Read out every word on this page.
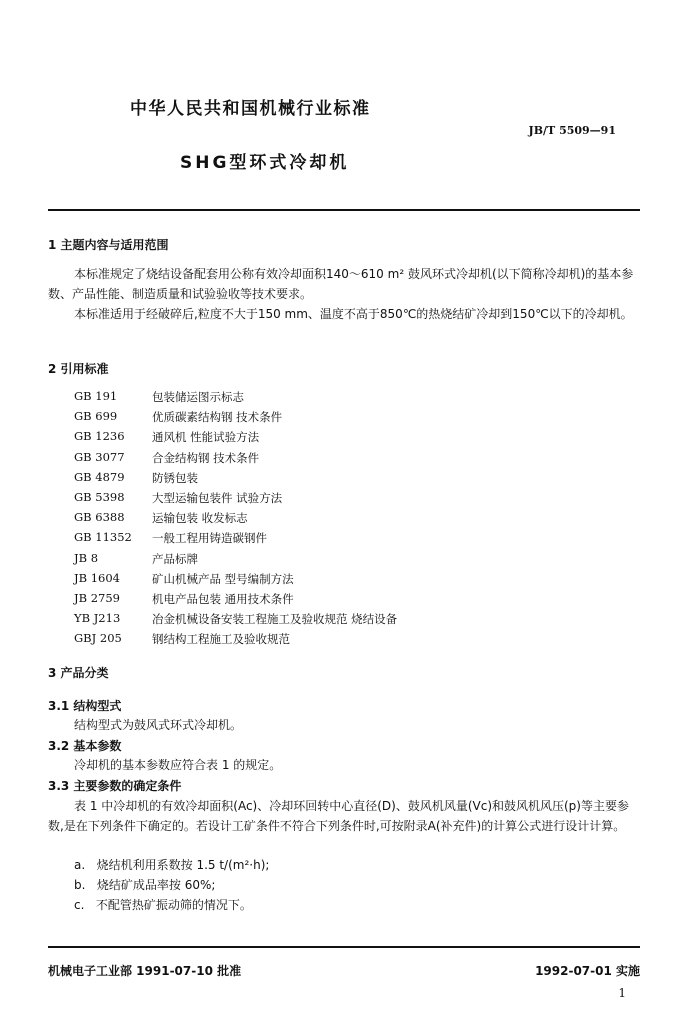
中华人民共和国机械行业标准
JB/T 5509—91
SHG型环式冷却机
1 主题内容与适用范围
本标准规定了烧结设备配套用公称有效冷却面积140～610 m² 鼓风环式冷却机(以下简称冷却机)的基本参数、产品性能、制造质量和试验验收等技术要求。
本标准适用于经破碎后,粒度不大于150 mm、温度不高于850℃的热烧结矿冷却到150℃以下的冷却机。
2 引用标准
GB 191	包装储运图示标志
GB 699	优质碳素结构钢 技术条件
GB 1236	通风机 性能试验方法
GB 3077	合金结构钢 技术条件
GB 4879	防锈包装
GB 5398	大型运输包装件 试验方法
GB 6388	运输包装 收发标志
GB 11352	一般工程用铸造碳钢件
JB 8	产品标牌
JB 1604	矿山机械产品 型号编制方法
JB 2759	机电产品包装 通用技术条件
YB J213	冶金机械设备安装工程施工及验收规范 烧结设备
GBJ 205	钢结构工程施工及验收规范
3 产品分类
3.1 结构型式
结构型式为鼓风式环式冷却机。
3.2 基本参数
冷却机的基本参数应符合表 1 的规定。
3.3 主要参数的确定条件
表 1 中冷却机的有效冷却面积(Ac)、冷却环回转中心直径(D)、鼓风机风量(Vc)和鼓风机风压(p)等主要参数,是在下列条件下确定的。若设计工矿条件不符合下列条件时,可按附录A(补充件)的计算公式进行设计计算。
a. 烧结机利用系数按 1.5 t/(m²·h);
b. 烧结矿成品率按 60%;
c. 不配管热矿振动筛的情况下。
机械电子工业部 1991-07-10 批准	1992-07-01 实施
1
